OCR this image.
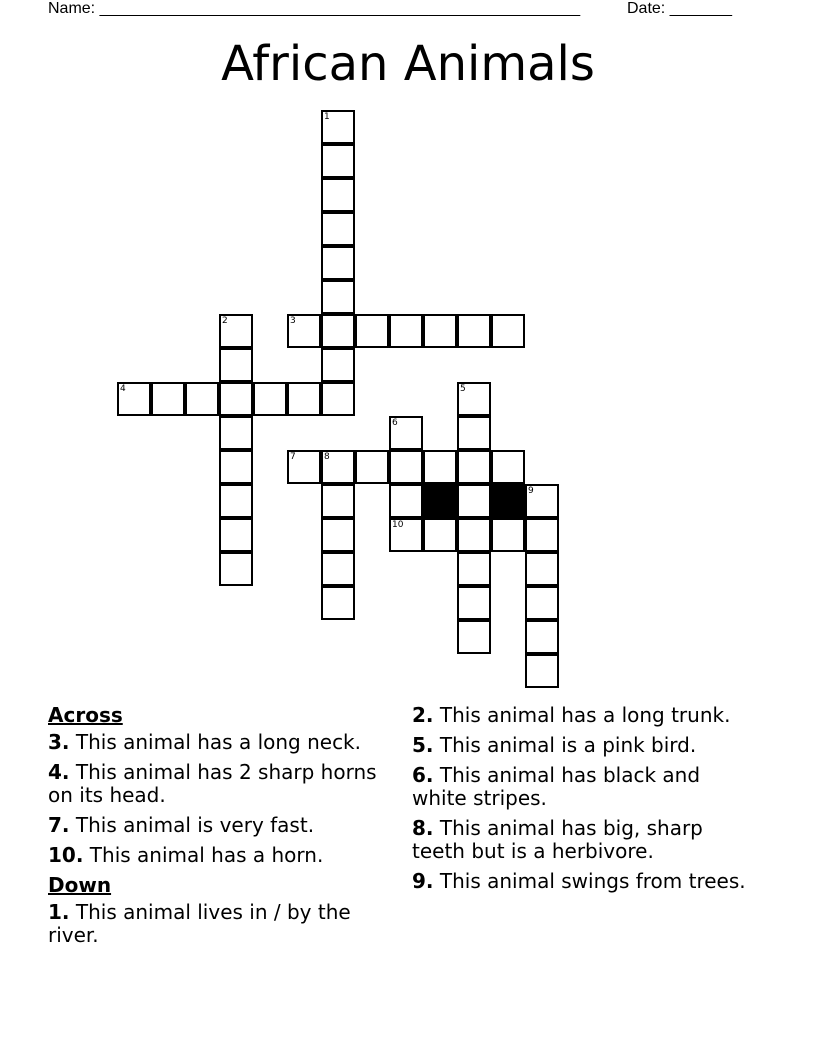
Name: ______________________________________________________	Date: _______
African Animals
1
2	3
4	5
6
7	8
9
10
Across
3. This animal has a long neck.
4. This animal has 2 sharp horns on its head.
7. This animal is very fast.
10. This animal has a horn.
Down
1. This animal lives in / by the river.
2. This animal has a long trunk.
5. This animal is a pink bird.
6. This animal has black and white stripes.
8. This animal has big, sharp teeth but is a herbivore.
9. This animal swings from trees.
